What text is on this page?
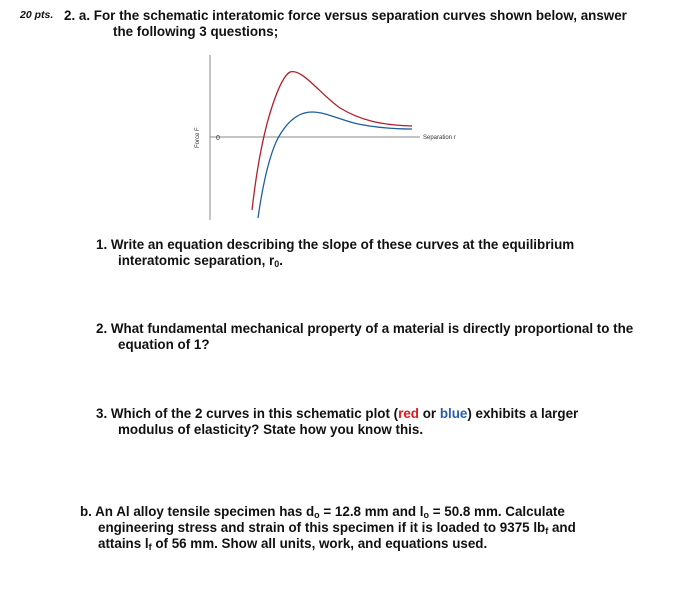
20 pts. 2. a. For the schematic interatomic force versus separation curves shown below, answer
the following 3 questions;
Force F 0	Separation r
1. Write an equation describing the slope of these curves at the equilibrium
interatomic separation, $r_0$.
2. What fundamental mechanical property of a material is directly proportional to the
equation of 1?
3. Which of the 2 curves in this schematic plot (red or blue) exhibits a larger
modulus of elasticity? State how you know this.
b. An Al alloy tensile specimen has $d_o = 12.8$ mm and $l_o = 50.8$ mm. Calculate
engineering stress and strain of this specimen if it is loaded to 9375 $lb_f$ and
attains $l_f$ of 56 mm. Show all units, work, and equations used.
